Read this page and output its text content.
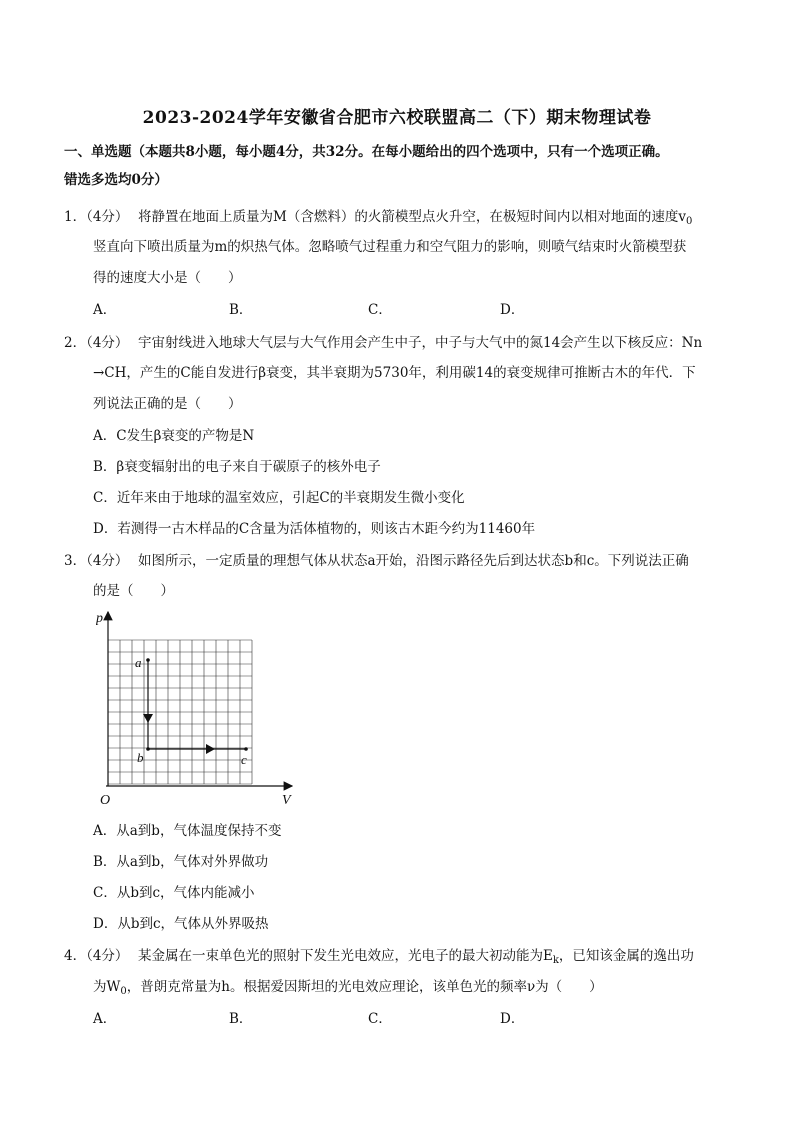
2023-2024学年安徽省合肥市六校联盟高二（下）期末物理试卷
一、单选题（本题共8小题，每小题4分，共32分。在每小题给出的四个选项中，只有一个选项正确。
错选多选均0分）
1．（4分） 将静置在地面上质量为M（含燃料）的火箭模型点火升空，在极短时间内以相对地面的速度$v_0$
竖直向下喷出质量为m的炽热气体。忽略喷气过程重力和空气阻力的影响，则喷气结束时火箭模型获
得的速度大小是（　　）
A．	B．	C．	D．
2．（4分） 宇宙射线进入地球大气层与大气作用会产生中子，中子与大气中的氮14会产生以下核反应：Nn
→CH，产生的C能自发进行β衰变，其半衰期为5730年，利用碳14的衰变规律可推断古木的年代．下
列说法正确的是（　　）
A．C发生β衰变的产物是N
B．β衰变辐射出的电子来自于碳原子的核外电子
C．近年来由于地球的温室效应，引起C的半衰期发生微小变化
D．若测得一古木样品的C含量为活体植物的，则该古木距今约为11460年
3．（4分） 如图所示，一定质量的理想气体从状态a开始，沿图示路径先后到达状态b和c。下列说法正确
的是（　　）
p
V
O
a
b	c
A．从a到b，气体温度保持不变
B．从a到b，气体对外界做功
C．从b到c，气体内能减小
D．从b到c，气体从外界吸热
4．（4分） 某金属在一束单色光的照射下发生光电效应，光电子的最大初动能为$E_k$，已知该金属的逸出功
为$W_0$，普朗克常量为h。根据爱因斯坦的光电效应理论，该单色光的频率ν为（　　）
A．	B．	C．	D．
